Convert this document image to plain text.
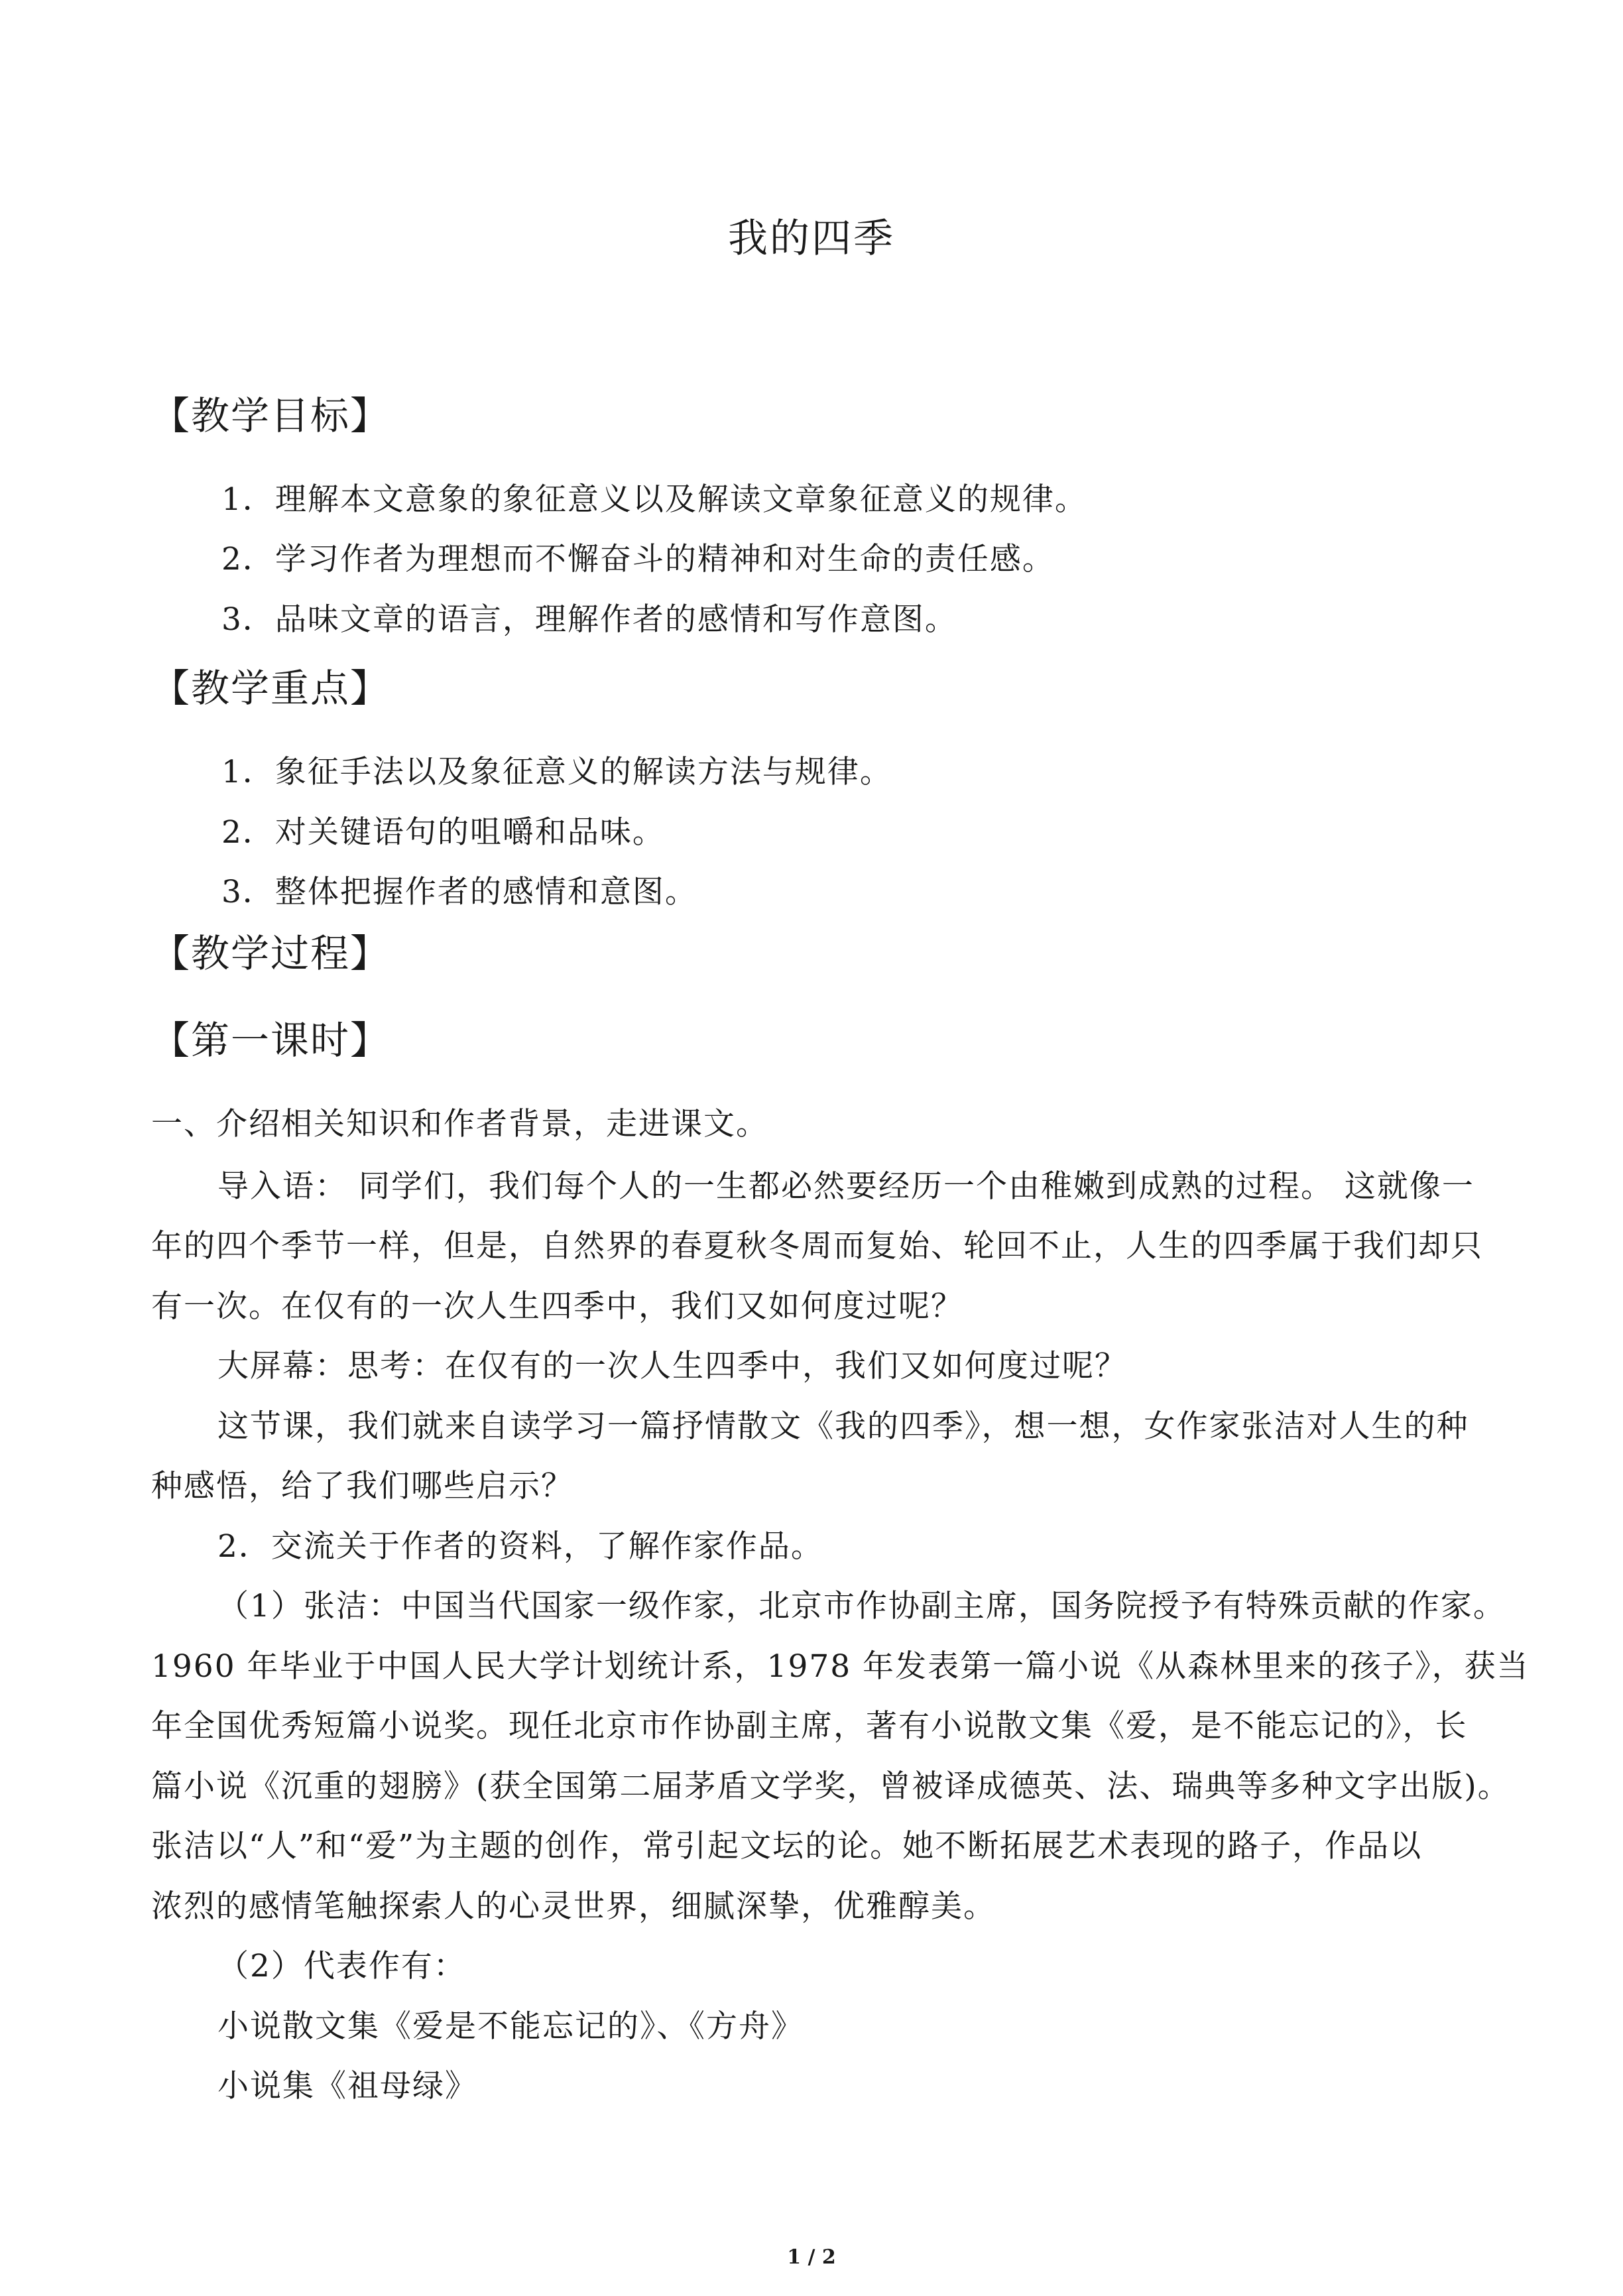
我的四季
【教学目标】
1．理解本文意象的象征意义以及解读文章象征意义的规律。
2．学习作者为理想而不懈奋斗的精神和对生命的责任感。
3．品味文章的语言，理解作者的感情和写作意图。
【教学重点】
1．象征手法以及象征意义的解读方法与规律。
2．对关键语句的咀嚼和品味。
3．整体把握作者的感情和意图。
【教学过程】
【第一课时】
一、介绍相关知识和作者背景，走进课文。
导入语： 同学们，我们每个人的一生都必然要经历一个由稚嫩到成熟的过程。 这就像一
年的四个季节一样，但是，自然界的春夏秋冬周而复始、轮回不止，人生的四季属于我们却只
有一次。在仅有的一次人生四季中，我们又如何度过呢？
大屏幕：思考：在仅有的一次人生四季中，我们又如何度过呢？
这节课，我们就来自读学习一篇抒情散文《我的四季》，想一想，女作家张洁对人生的种
种感悟，给了我们哪些启示？
2．交流关于作者的资料，了解作家作品。
（1）张洁：中国当代国家一级作家，北京市作协副主席，国务院授予有特殊贡献的作家。
1960 年毕业于中国人民大学计划统计系，1978 年发表第一篇小说《从森林里来的孩子》，获当
年全国优秀短篇小说奖。现任北京市作协副主席，著有小说散文集《爱，是不能忘记的》，长
篇小说《沉重的翅膀》(获全国第二届茅盾文学奖，曾被译成德英、法、瑞典等多种文字出版)。
张洁以“人”和“爱”为主题的创作，常引起文坛的论。她不断拓展艺术表现的路子，作品以
浓烈的感情笔触探索人的心灵世界，细腻深挚，优雅醇美。
（2）代表作有：
小说散文集《爱是不能忘记的》、《方舟》
小说集《祖母绿》
1 / 2
